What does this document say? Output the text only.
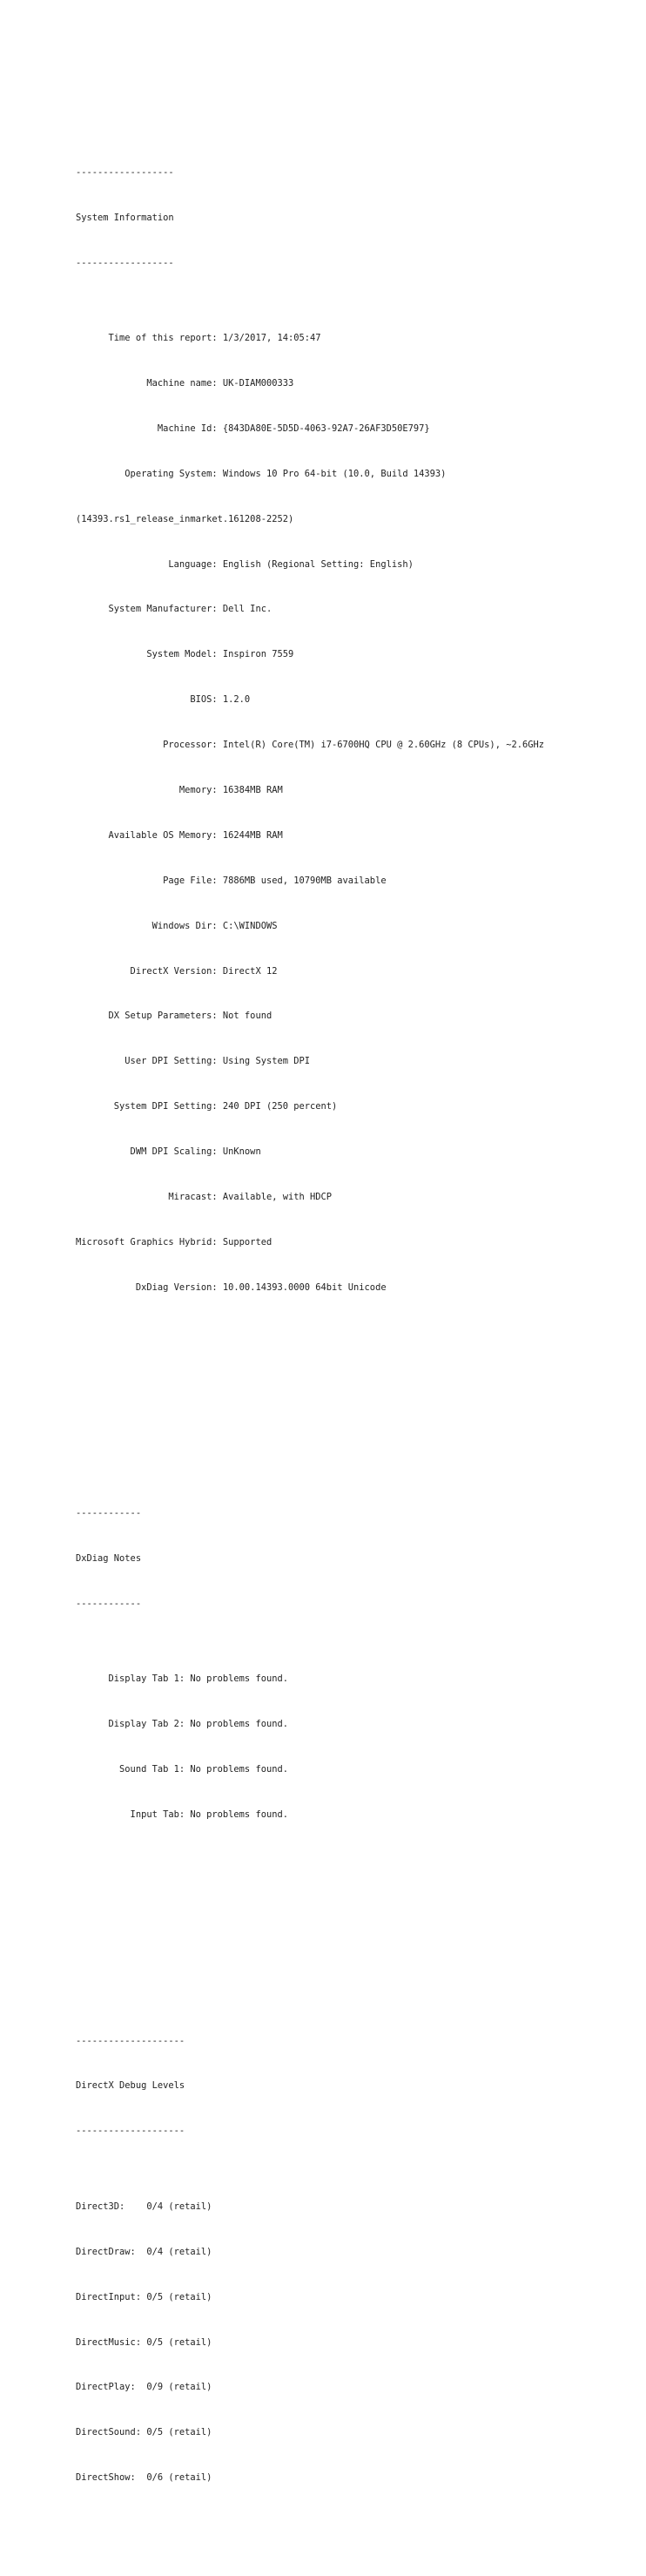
------------------

System Information

------------------

Time of this report: 1/3/2017, 14:05:47

Machine name: UK-DIAM000333

Machine Id: {843DA80E-5D5D-4063-92A7-26AF3D50E797}

Operating System: Windows 10 Pro 64-bit (10.0, Build 14393)

(14393.rs1_release_inmarket.161208-2252)

Language: English (Regional Setting: English)

System Manufacturer: Dell Inc.

System Model: Inspiron 7559

BIOS: 1.2.0

Processor: Intel(R) Core(TM) i7-6700HQ CPU @ 2.60GHz (8 CPUs), ~2.6GHz

Memory: 16384MB RAM

Available OS Memory: 16244MB RAM

Page File: 7886MB used, 10790MB available

Windows Dir: C:\WINDOWS

DirectX Version: DirectX 12

DX Setup Parameters: Not found

User DPI Setting: Using System DPI

System DPI Setting: 240 DPI (250 percent)

DWM DPI Scaling: UnKnown

Miracast: Available, with HDCP

Microsoft Graphics Hybrid: Supported

DxDiag Version: 10.00.14393.0000 64bit Unicode

------------

DxDiag Notes

------------

Display Tab 1: No problems found.

Display Tab 2: No problems found.

Sound Tab 1: No problems found.

Input Tab: No problems found.

--------------------

DirectX Debug Levels

--------------------

Direct3D:    0/4 (retail)

DirectDraw:  0/4 (retail)

DirectInput: 0/5 (retail)

DirectMusic: 0/5 (retail)

DirectPlay:  0/9 (retail)

DirectSound: 0/5 (retail)

DirectShow:  0/6 (retail)
